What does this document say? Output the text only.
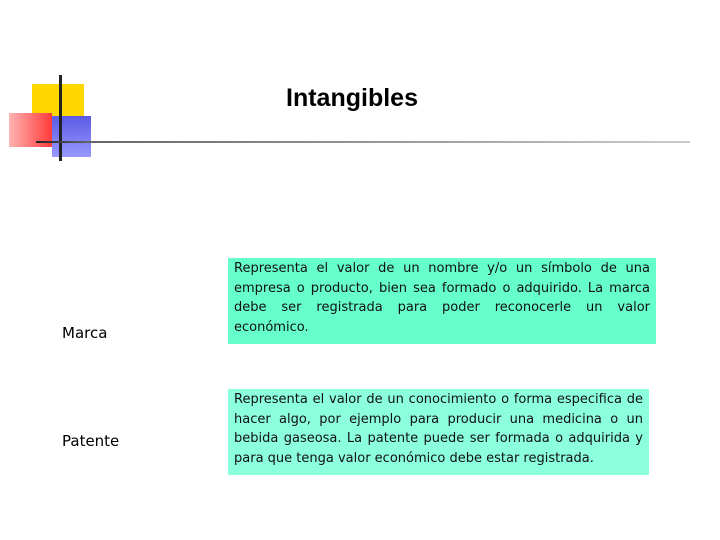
Intangibles
Marca
Representa el valor de un nombre y/o un símbolo de una empresa o producto, bien sea formado o adquirido. La marca debe ser registrada para poder reconocerle un valor económico.
Patente
Representa el valor de un conocimiento o forma especifica de hacer algo, por ejemplo para producir una medicina o un bebida gaseosa. La patente puede ser formada o adquirida y para que tenga valor económico debe estar registrada.
